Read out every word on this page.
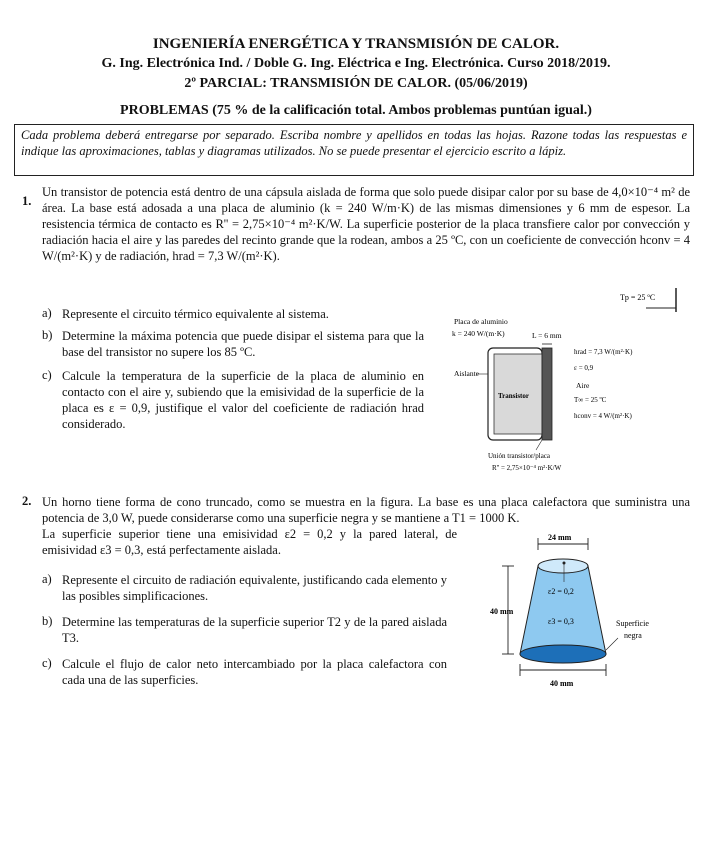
INGENIERÍA ENERGÉTICA Y TRANSMISIÓN DE CALOR.
G. Ing. Electrónica Ind. / Doble G. Ing. Eléctrica e Ing. Electrónica. Curso 2018/2019.
2º PARCIAL: TRANSMISIÓN DE CALOR. (05/06/2019)
PROBLEMAS (75 % de la calificación total. Ambos problemas puntúan igual.)
Cada problema deberá entregarse por separado. Escriba nombre y apellidos en todas las hojas. Razone todas las respuestas e indique las aproximaciones, tablas y diagramas utilizados. No se puede presentar el ejercicio escrito a lápiz.
1.
Un transistor de potencia está dentro de una cápsula aislada de forma que solo puede disipar calor por su base de 4,0×10⁻⁴ m² de área. La base está adosada a una placa de aluminio (k = 240 W/m·K) de las mismas dimensiones y 6 mm de espesor. La resistencia térmica de contacto es R'' = 2,75×10⁻⁴ m²·K/W. La superficie posterior de la placa transfiere calor por convección y radiación hacia el aire y las paredes del recinto grande que la rodean, ambos a 25 ºC, con un coeficiente de convección hconv = 4 W/(m²·K) y de radiación, hrad = 7,3 W/(m²·K).
a) Represente el circuito térmico equivalente al sistema.
b) Determine la máxima potencia que puede disipar el sistema para que la base del transistor no supere los 85 ºC.
c) Calcule la temperatura de la superficie de la placa de aluminio en contacto con el aire y, subiendo que la emisividad de la superficie de la placa es ε = 0,9, justifique el valor del coeficiente de radiación hrad considerado.
Tp = 25 ºC
Placa de aluminio
k = 240 W/(m·K)	L = 6 mm
hrad = 7,3 W/(m²·K)
ε = 0,9
Aislante
Transistor
Aire
T∞ = 25 ºC
hconv = 4 W/(m²·K)
Unión transistor/placa
R'' = 2,75×10⁻⁴ m²·K/W
2. Un horno tiene forma de cono truncado, como se muestra en la figura. La base es una placa calefactora que suministra una potencia de 3,0 W, puede considerarse como una superficie negra y se mantiene a T1 = 1000 K.
La superficie superior tiene una emisividad ε2 = 0,2 y la pared lateral, de emisividad ε3 = 0,3, está perfectamente aislada.
a) Represente el circuito de radiación equivalente, justificando cada elemento y las posibles simplificaciones.
b) Determine las temperaturas de la superficie superior T2 y de la pared aislada T3.
c) Calcule el flujo de calor neto intercambiado por la placa calefactora con cada una de las superficies.
24 mm
40 mm
ε2 = 0,2
ε3 = 0,3	Superficie
negra
40 mm
